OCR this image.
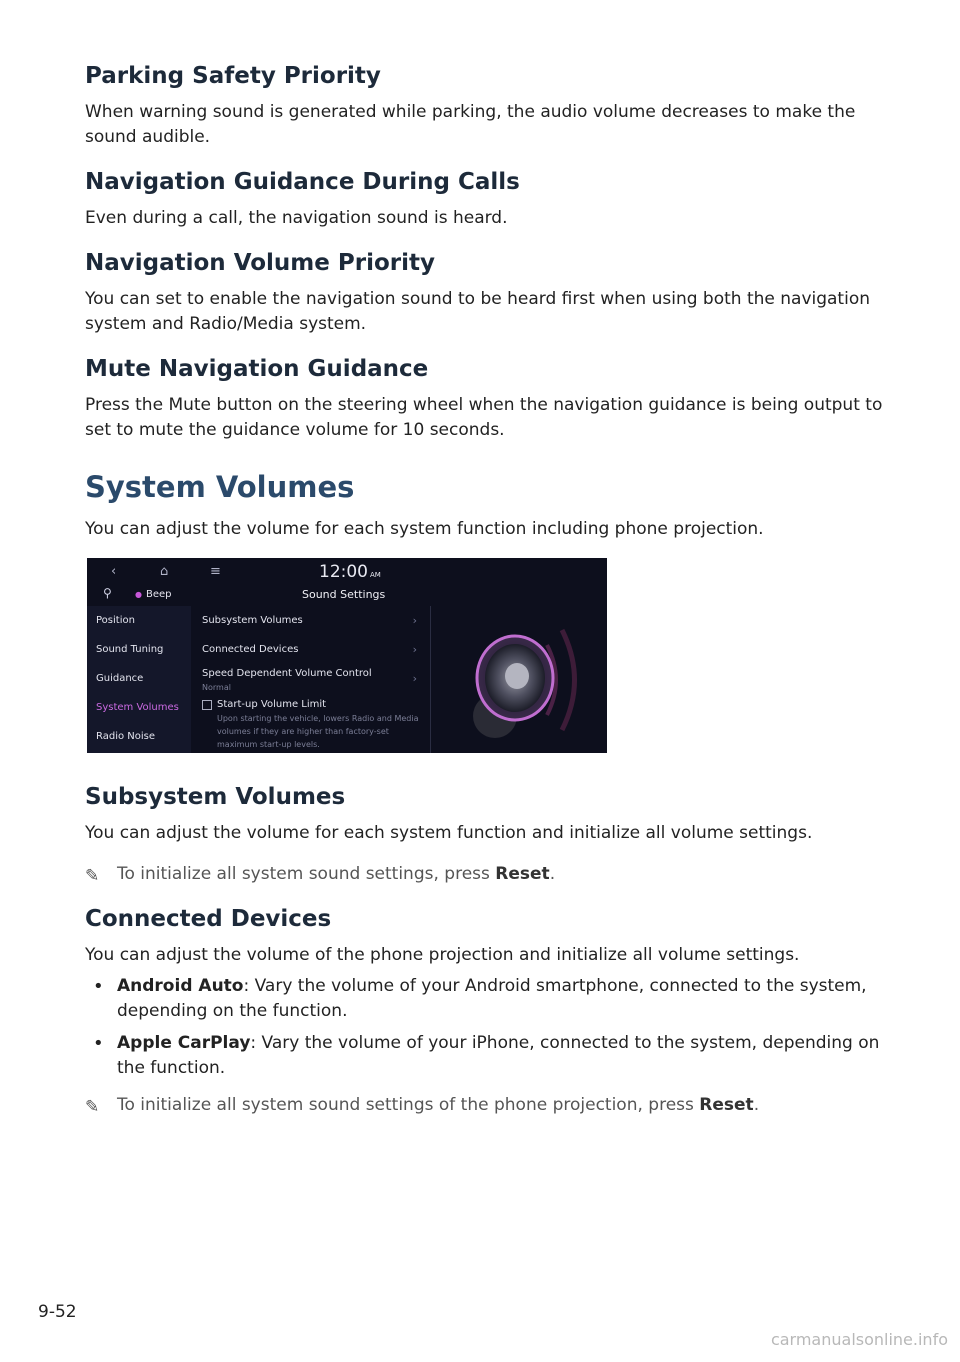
Parking Safety Priority

When warning sound is generated while parking, the audio volume decreases to make the sound audible.

Navigation Guidance During Calls

Even during a call, the navigation sound is heard.

Navigation Volume Priority

You can set to enable the navigation sound to be heard first when using both the navigation system and Radio/Media system.

Mute Navigation Guidance

Press the Mute button on the steering wheel when the navigation guidance is being output to set to mute the guidance volume for 10 seconds.

System Volumes

You can adjust the volume for each system function including phone projection.

‹	⌂	≡	12:00 AM
⚲	● Beep	Sound Settings
Position
Sound Tuning
Guidance
System Volumes
Radio Noise
Subsystem Volumes	›
Connected Devices	›
Speed Dependent Volume Control
Normal
›
Start-up Volume Limit
Upon starting the vehicle, lowers Radio and Media volumes if they are higher than factory-set maximum start-up levels.
Subsystem Volumes

You can adjust the volume for each system function and initialize all volume settings.

✎ To initialize all system sound settings, press Reset.
Connected Devices

You can adjust the volume of the phone projection and initialize all volume settings.

• Android Auto: Vary the volume of your Android smartphone, connected to the system, depending on the function.
• Apple CarPlay: Vary the volume of your iPhone, connected to the system, depending on the function.
✎ To initialize all system sound settings of the phone projection, press Reset.
9-52
carmanualsonline.info
